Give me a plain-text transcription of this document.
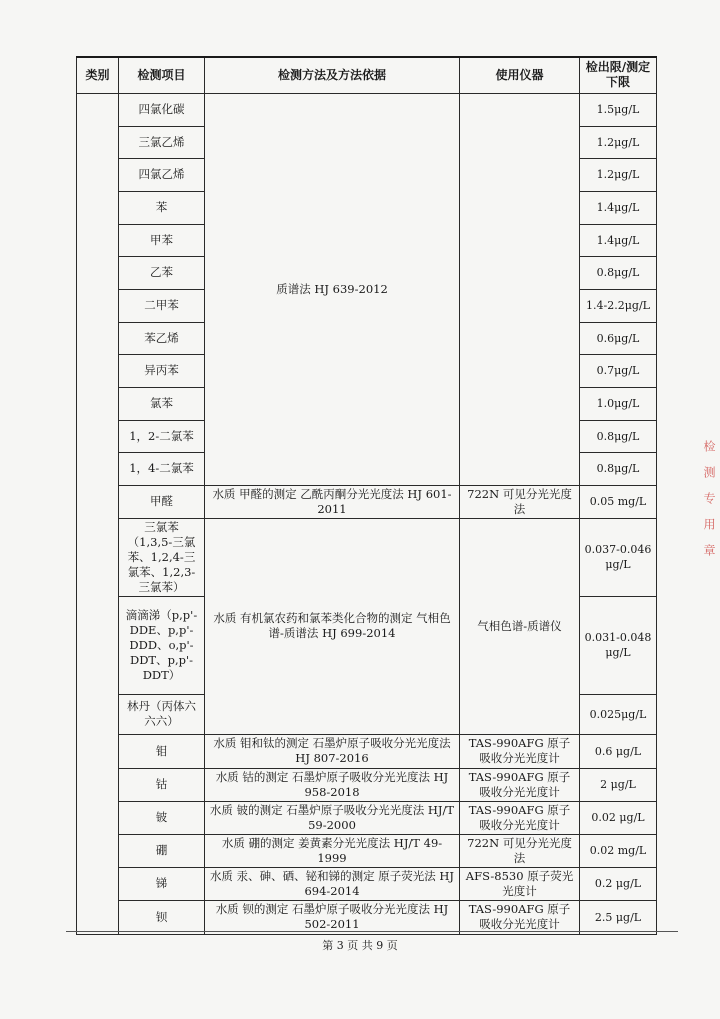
类别	检测项目	检测方法及方法依据	使用仪器	检出限/测定下限
	四氯化碳	质谱法 HJ 639-2012		1.5μg/L
	三氯乙烯			1.2μg/L
	四氯乙烯			1.2μg/L
	苯			1.4μg/L
	甲苯			1.4μg/L
	乙苯			0.8μg/L
	二甲苯			1.4-2.2μg/L
	苯乙烯			0.6μg/L
	异丙苯			0.7μg/L
	氯苯			1.0μg/L
	1，2-二氯苯			0.8μg/L
	1，4-二氯苯			0.8μg/L
	甲醛	水质 甲醛的测定 乙酰丙酮分光光度法 HJ 601-2011	722N 可见分光光度法	0.05 mg/L
	三氯苯（1,3,5-三氯苯、1,2,4-三氯苯、1,2,3-三氯苯）	水质 有机氯农药和氯苯类化合物的测定 气相色谱-质谱法 HJ 699-2014	气相色谱-质谱仪	0.037-0.046 μg/L
	滴滴涕（p,p'-DDE、p,p'-DDD、o,p'-DDT、p,p'-DDT）			0.031-0.048 μg/L
	林丹（丙体六六六）			0.025μg/L
	钼	水质 钼和钛的测定 石墨炉原子吸收分光光度法 HJ 807-2016	TAS-990AFG 原子吸收分光光度计	0.6 μg/L
	钴	水质 钴的测定 石墨炉原子吸收分光光度法 HJ 958-2018	TAS-990AFG 原子吸收分光光度计	2 μg/L
	铍	水质 铍的测定 石墨炉原子吸收分光光度法 HJ/T 59-2000	TAS-990AFG 原子吸收分光光度计	0.02 μg/L
	硼	水质 硼的测定 姜黄素分光光度法 HJ/T 49-1999	722N 可见分光光度法	0.02 mg/L
	锑	水质 汞、砷、硒、铋和锑的测定 原子荧光法 HJ 694-2014	AFS-8530 原子荧光光度计	0.2 μg/L
	钡	水质 钡的测定 石墨炉原子吸收分光光度法 HJ 502-2011	TAS-990AFG 原子吸收分光光度计	2.5 μg/L
第 3 页 共 9 页
检测专用章
